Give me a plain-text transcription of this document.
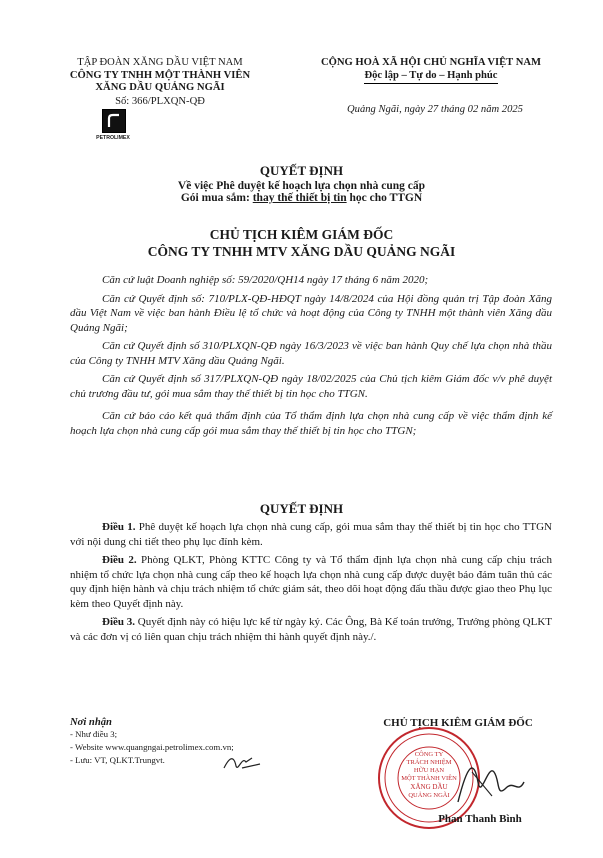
TẬP ĐOÀN XĂNG DẦU VIỆT NAM
CÔNG TY TNHH MỘT THÀNH VIÊN
XĂNG DẦU QUẢNG NGÃI
Số: 366/PLXQN-QĐ
PETROLIMEX
CỘNG HOÀ XÃ HỘI CHỦ NGHĨA VIỆT NAM
Độc lập – Tự do – Hạnh phúc
Quảng Ngãi, ngày 27 tháng 02 năm 2025
QUYẾT ĐỊNH
Về việc Phê duyệt kế hoạch lựa chọn nhà cung cấp
Gói mua sắm: thay thế thiết bị tin học cho TTGN
CHỦ TỊCH KIÊM GIÁM ĐỐC
CÔNG TY TNHH MTV XĂNG DẦU QUẢNG NGÃI
Căn cứ luật Doanh nghiệp số: 59/2020/QH14 ngày 17 tháng 6 năm 2020;
Căn cứ Quyết định số: 710/PLX-QĐ-HĐQT ngày 14/8/2024 của Hội đồng quản trị Tập đoàn Xăng dầu Việt Nam về việc ban hành Điều lệ tổ chức và hoạt động của Công ty TNHH một thành viên Xăng dầu Quảng Ngãi;
Căn cứ Quyết định số 310/PLXQN-QĐ ngày 16/3/2023 về việc ban hành Quy chế lựa chọn nhà thầu của Công ty TNHH MTV Xăng dầu Quảng Ngãi.
Căn cứ Quyết định số 317/PLXQN-QĐ ngày 18/02/2025 của Chủ tịch kiêm Giám đốc v/v phê duyệt chủ trương đầu tư, gói mua sắm thay thế thiết bị tin học cho TTGN.
Căn cứ báo cáo kết quả thẩm định của Tổ thẩm định lựa chọn nhà cung cấp về việc thẩm định kế hoạch lựa chọn nhà cung cấp gói mua sắm thay thế thiết bị tin học cho TTGN;
QUYẾT ĐỊNH
Điều 1. Phê duyệt kế hoạch lựa chọn nhà cung cấp, gói mua sắm thay thế thiết bị tin học cho TTGN với nội dung chi tiết theo phụ lục đính kèm.
Điều 2. Phòng QLKT, Phòng KTTC Công ty và Tổ thẩm định lựa chọn nhà cung cấp chịu trách nhiệm tổ chức lựa chọn nhà cung cấp theo kế hoạch lựa chọn nhà cung cấp được duyệt bảo đảm tuân thủ các quy định hiện hành và chịu trách nhiệm tổ chức giám sát, theo dõi hoạt động đấu thầu được giao theo Phụ lục kèm theo Quyết định này.
Điều 3. Quyết định này có hiệu lực kể từ ngày ký. Các Ông, Bà Kế toán trưởng, Trưởng phòng QLKT và các đơn vị có liên quan chịu trách nhiệm thi hành quyết định này./.
Nơi nhận
- Như điều 3;
- Website www.quangngai.petrolimex.com.vn;
- Lưu: VT, QLKT.Trungvt.
CHỦ TỊCH KIÊM GIÁM ĐỐC
CÔNG TY
TRÁCH NHIỆM
HỮU HẠN
MỘT THÀNH VIÊN
XĂNG DẦU
QUẢNG NGÃI
Phan Thanh Bình
